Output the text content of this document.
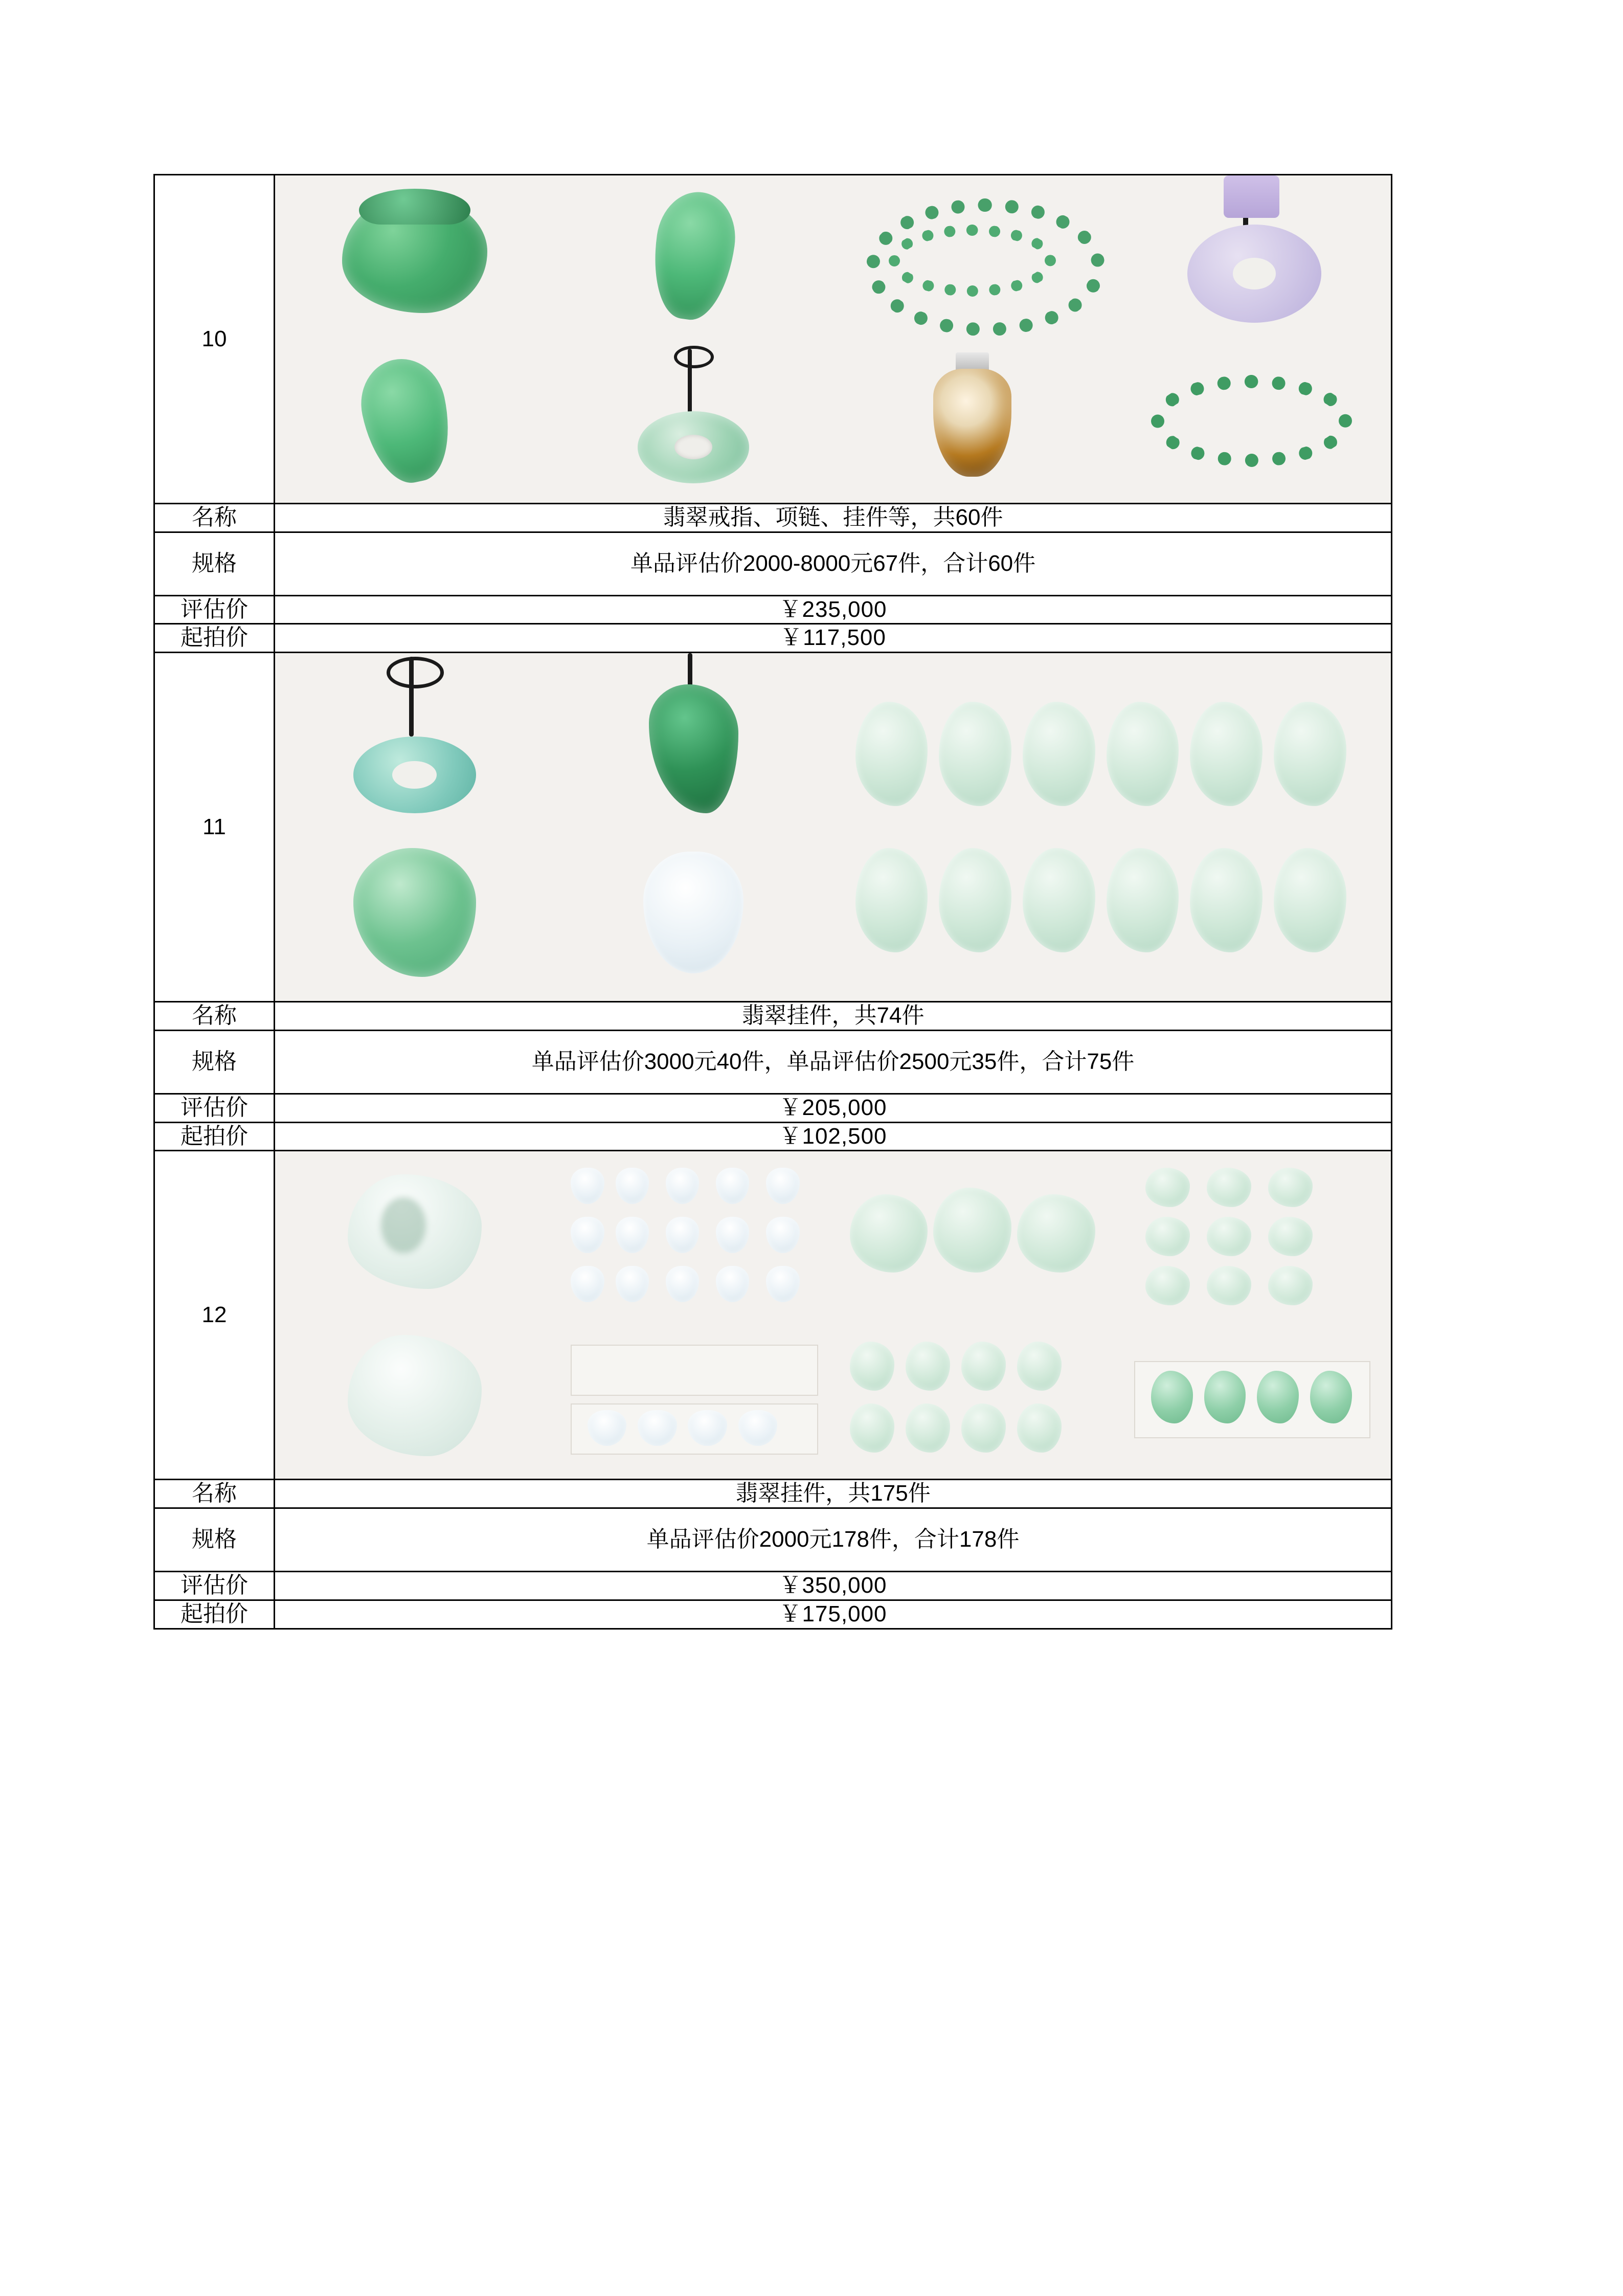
10	

名称	翡翠戒指、项链、挂件等，共60件
规格	单品评估价2000-8000元67件，合计60件
评估价	￥235,000
起拍价	￥117,500
11	

名称	翡翠挂件，共74件
规格	单品评估价3000元40件，单品评估价2500元35件，合计75件
评估价	￥205,000
起拍价	￥102,500
12	

名称	翡翠挂件，共175件
规格	单品评估价2000元178件，合计178件
评估价	￥350,000
起拍价	￥175,000
